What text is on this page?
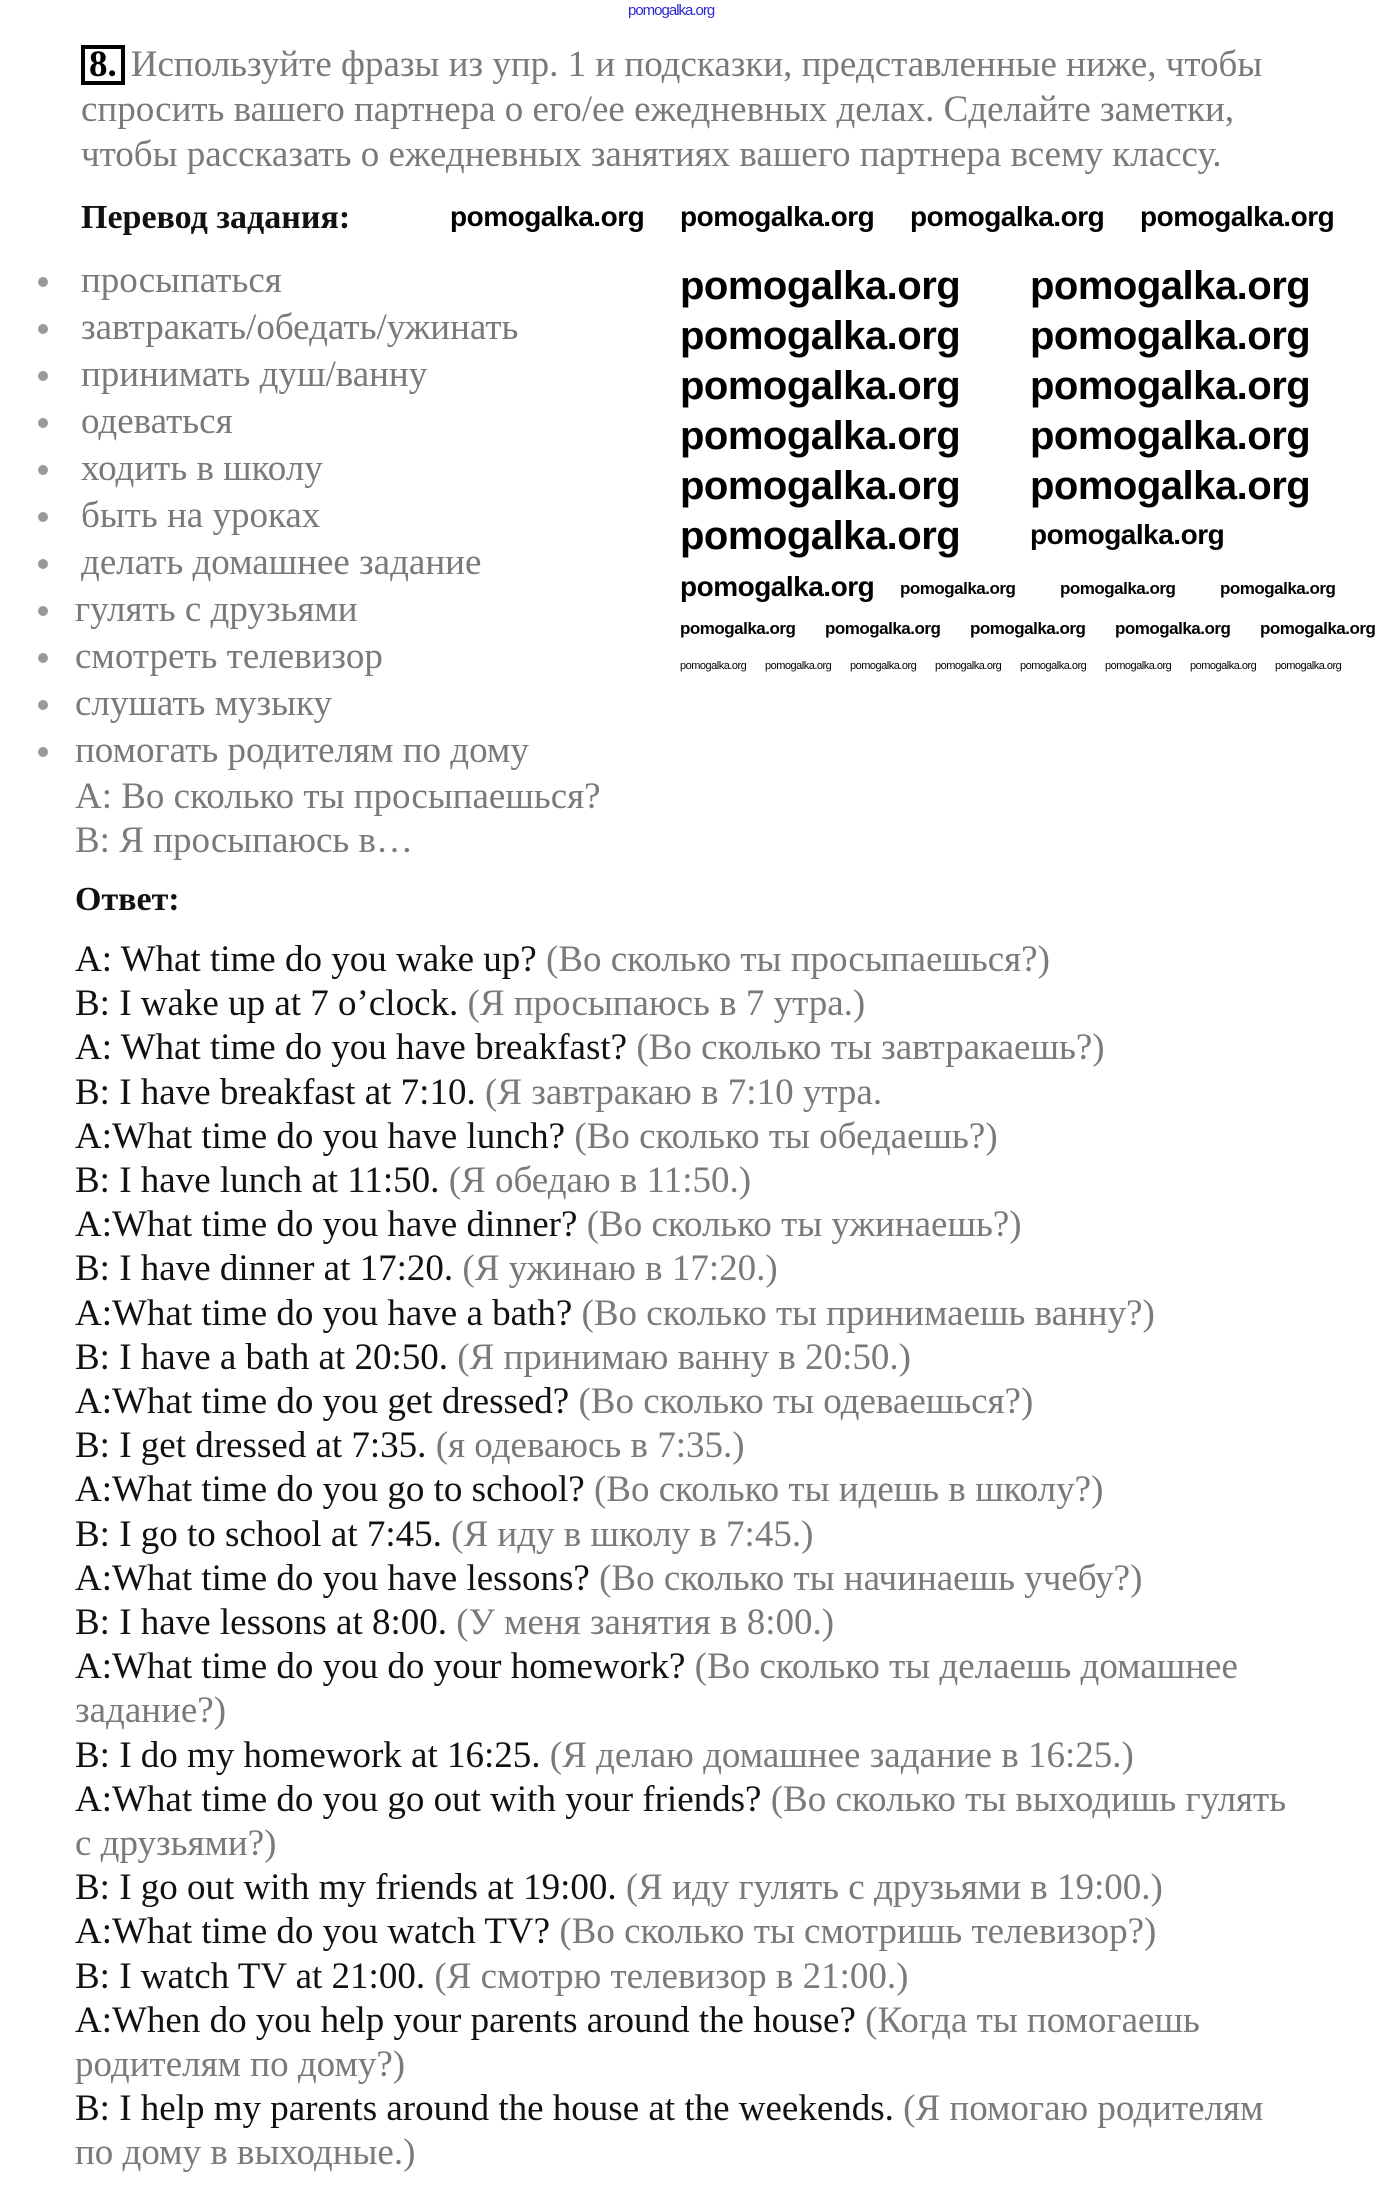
pomogalka.org
8. Используйте фразы из упр. 1 и подсказки, представленные ниже, чтобы
спросить вашего партнера о его/ее ежедневных делах. Сделайте заметки,
чтобы рассказать о ежедневных занятиях вашего партнера всему классу.
Перевод задания:
просыпаться
завтракать/обедать/ужинать
принимать душ/ванну
одеваться
ходить в школу
быть на уроках
делать домашнее задание
гулять с друзьями
смотреть телевизор
слушать музыку
помогать родителям по дому
A: Во сколько ты просыпаешься?
B: Я просыпаюсь в…
Ответ:
A: What time do you wake up? (Во сколько ты просыпаешься?)
B: I wake up at 7 o’clock. (Я просыпаюсь в 7 утра.)
A: What time do you have breakfast? (Во сколько ты завтракаешь?)
B: I have breakfast at 7:10. (Я завтракаю в 7:10 утра.
A:What time do you have lunch? (Во сколько ты обедаешь?)
B: I have lunch at 11:50. (Я обедаю в 11:50.)
A:What time do you have dinner? (Во сколько ты ужинаешь?)
B: I have dinner at 17:20. (Я ужинаю в 17:20.)
A:What time do you have a bath? (Во сколько ты принимаешь ванну?)
B: I have a bath at 20:50. (Я принимаю ванну в 20:50.)
A:What time do you get dressed? (Во сколько ты одеваешься?)
B: I get dressed at 7:35. (я одеваюсь в 7:35.)
A:What time do you go to school? (Во сколько ты идешь в школу?)
B: I go to school at 7:45. (Я иду в школу в 7:45.)
A:What time do you have lessons? (Во сколько ты начинаешь учебу?)
B: I have lessons at 8:00. (У меня занятия в 8:00.)
A:What time do you do your homework? (Во сколько ты делаешь домашнее
задание?)
B: I do my homework at 16:25. (Я делаю домашнее задание в 16:25.)
A:What time do you go out with your friends? (Во сколько ты выходишь гулять
с друзьями?)
B: I go out with my friends at 19:00. (Я иду гулять с друзьями в 19:00.)
A:What time do you watch TV? (Во сколько ты смотришь телевизор?)
B: I watch TV at 21:00. (Я смотрю телевизор в 21:00.)
A:When do you help your parents around the house? (Когда ты помогаешь
родителям по дому?)
B: I help my parents around the house at the weekends. (Я помогаю родителям
по дому в выходные.)
pomogalka.org pomogalka.org pomogalka.org pomogalka.org
pomogalka.org pomogalka.org
pomogalka.org pomogalka.org
pomogalka.org pomogalka.org
pomogalka.org pomogalka.org
pomogalka.org pomogalka.org
pomogalka.org pomogalka.org
pomogalka.org pomogalka.org	pomogalka.org	pomogalka.org
pomogalka.org pomogalka.org pomogalka.org pomogalka.org pomogalka.org
pomogalka.org pomogalka.org pomogalka.org pomogalka.org pomogalka.org pomogalka.org pomogalka.org pomogalka.org
